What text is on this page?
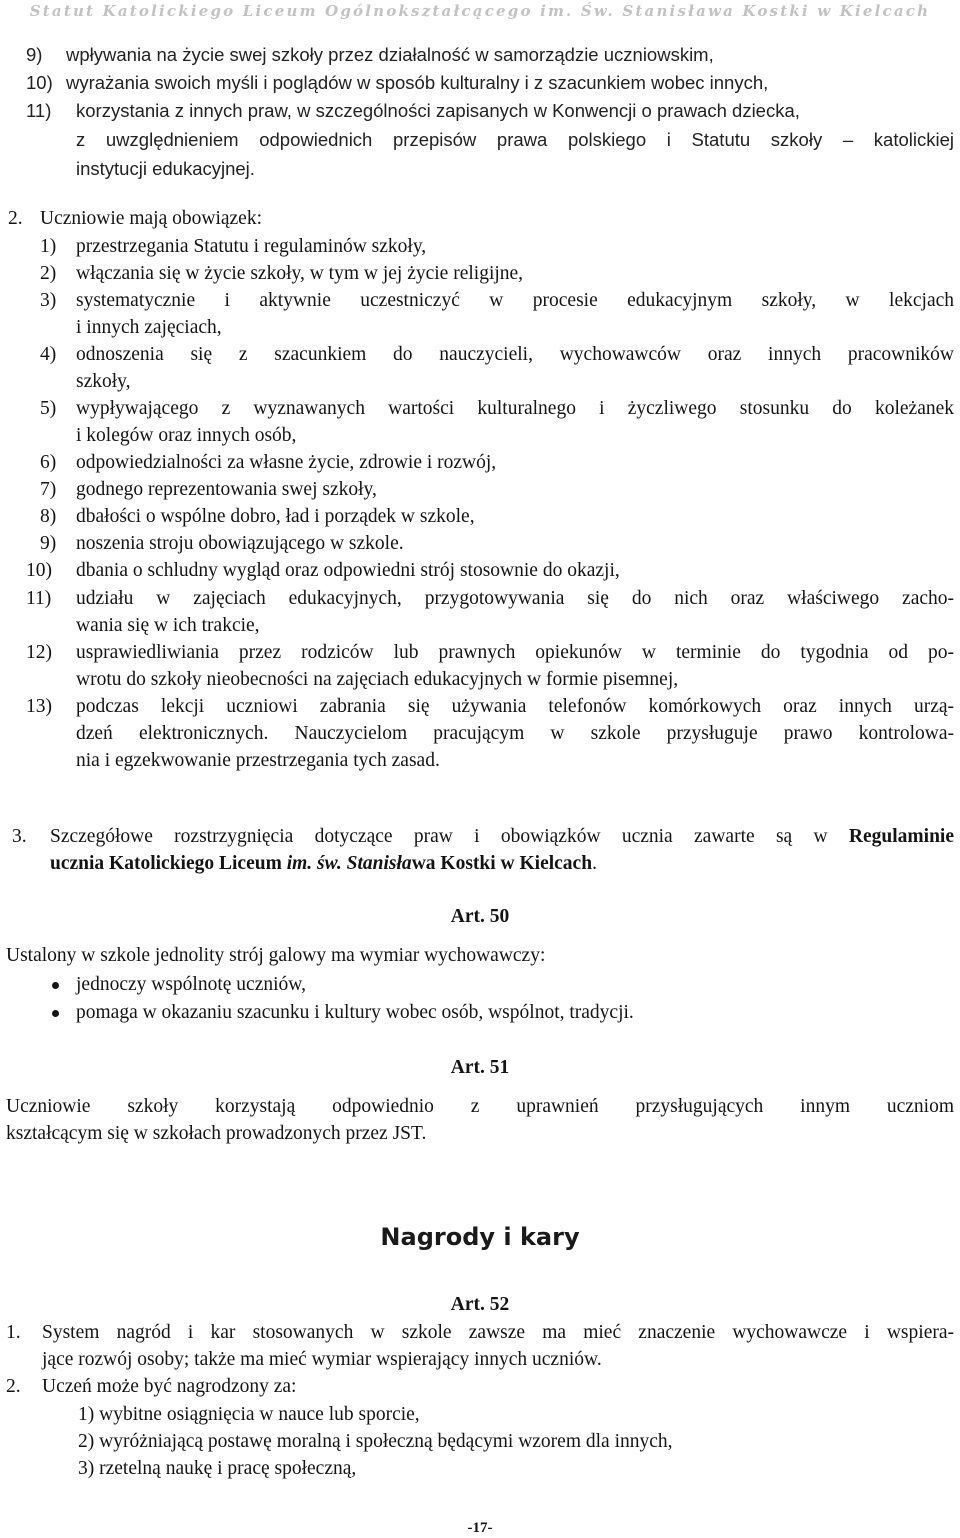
Statut Katolickiego Liceum Ogólnokształcącego im. Św. Stanisława Kostki w Kielcach
9) wpływania na życie swej szkoły przez działalność w samorządzie uczniowskim,
10) wyrażania swoich myśli i poglądów w sposób kulturalny i z szacunkiem wobec innych,
11) korzystania z innych praw, w szczególności zapisanych w Konwencji o prawach dziecka,
z uwzględnieniem odpowiednich przepisów prawa polskiego i Statutu szkoły – katolickiej
instytucji edukacyjnej.
2. Uczniowie mają obowiązek:
1) przestrzegania Statutu i regulaminów szkoły,
2) włączania się w życie szkoły, w tym w jej życie religijne,
3) systematycznie i aktywnie uczestniczyć w procesie edukacyjnym szkoły, w lekcjach
i innych zajęciach,
4) odnoszenia się z szacunkiem do nauczycieli, wychowawców oraz innych pracowników
szkoły,
5) wypływającego z wyznawanych wartości kulturalnego i życzliwego stosunku do koleżanek
i kolegów oraz innych osób,
6) odpowiedzialności za własne życie, zdrowie i rozwój,
7) godnego reprezentowania swej szkoły,
8) dbałości o wspólne dobro, ład i porządek w szkole,
9) noszenia stroju obowiązującego w szkole.
10) dbania o schludny wygląd oraz odpowiedni strój stosownie do okazji,
11) udziału w zajęciach edukacyjnych, przygotowywania się do nich oraz właściwego zacho-
wania się w ich trakcie,
12) usprawiedliwiania przez rodziców lub prawnych opiekunów w terminie do tygodnia od po-
wrotu do szkoły nieobecności na zajęciach edukacyjnych w formie pisemnej,
13) podczas lekcji uczniowi zabrania się używania telefonów komórkowych oraz innych urzą-
dzeń elektronicznych. Nauczycielom pracującym w szkole przysługuje prawo kontrolowa-
nia i egzekwowanie przestrzegania tych zasad.
3. Szczegółowe rozstrzygnięcia dotyczące praw i obowiązków ucznia zawarte są w Regulaminie
ucznia Katolickiego Liceum im. św. Stanisława Kostki w Kielcach.
Art. 50
Ustalony w szkole jednolity strój galowy ma wymiar wychowawczy:
jednoczy wspólnotę uczniów,
pomaga w okazaniu szacunku i kultury wobec osób, wspólnot, tradycji.
Art. 51
Uczniowie szkoły korzystają odpowiednio z uprawnień przysługujących innym uczniom
kształcącym się w szkołach prowadzonych przez JST.
Nagrody i kary
Art. 52
1. System nagród i kar stosowanych w szkole zawsze ma mieć znaczenie wychowawcze i wspiera-
jące rozwój osoby; także ma mieć wymiar wspierający innych uczniów.
2. Uczeń może być nagrodzony za:
1) wybitne osiągnięcia w nauce lub sporcie,
2) wyróżniającą postawę moralną i społeczną będącymi wzorem dla innych,
3) rzetelną naukę i pracę społeczną,
-17-
